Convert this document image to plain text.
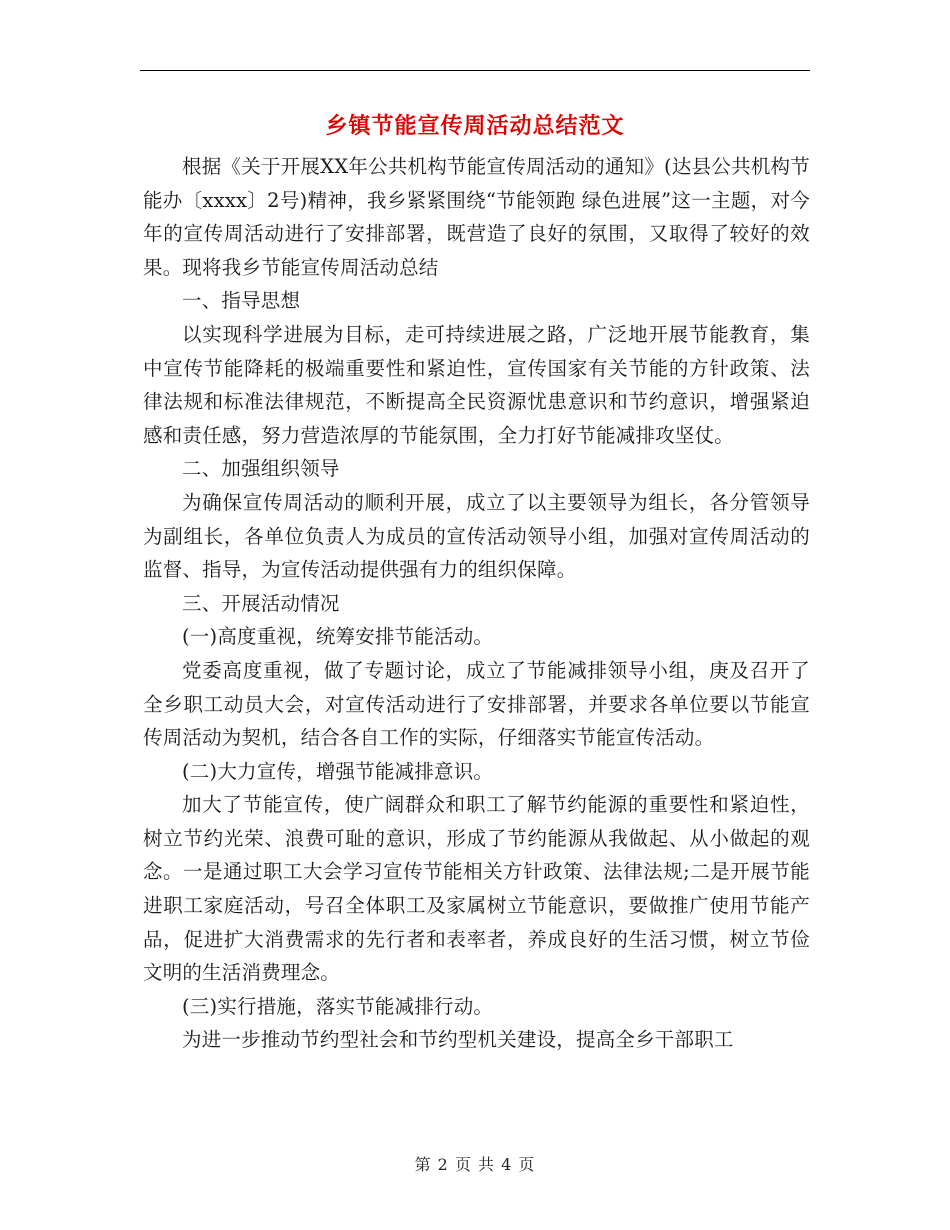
乡镇节能宣传周活动总结范文

根据《关于开展XX年公共机构节能宣传周活动的通知》(达县公共机构节能办〔xxxx〕2号)精神，我乡紧紧围绕“节能领跑 绿色进展”这一主题，对今年的宣传周活动进行了安排部署，既营造了良好的氛围，又取得了较好的效果。现将我乡节能宣传周活动总结

一、指导思想

以实现科学进展为目标，走可持续进展之路，广泛地开展节能教育，集中宣传节能降耗的极端重要性和紧迫性，宣传国家有关节能的方针政策、法律法规和标准法律规范，不断提高全民资源忧患意识和节约意识，增强紧迫感和责任感，努力营造浓厚的节能氛围，全力打好节能减排攻坚仗。

二、加强组织领导

为确保宣传周活动的顺利开展，成立了以主要领导为组长，各分管领导为副组长，各单位负责人为成员的宣传活动领导小组，加强对宣传周活动的监督、指导，为宣传活动提供强有力的组织保障。

三、开展活动情况

(一)高度重视，统筹安排节能活动。

党委高度重视，做了专题讨论，成立了节能减排领导小组，庚及召开了全乡职工动员大会，对宣传活动进行了安排部署，并要求各单位要以节能宣传周活动为契机，结合各自工作的实际，仔细落实节能宣传活动。

(二)大力宣传，增强节能减排意识。

加大了节能宣传，使广阔群众和职工了解节约能源的重要性和紧迫性，树立节约光荣、浪费可耻的意识，形成了节约能源从我做起、从小做起的观念。一是通过职工大会学习宣传节能相关方针政策、法律法规;二是开展节能进职工家庭活动，号召全体职工及家属树立节能意识，要做推广使用节能产品，促进扩大消费需求的先行者和表率者，养成良好的生活习惯，树立节俭文明的生活消费理念。

(三)实行措施，落实节能减排行动。

为进一步推动节约型社会和节约型机关建设，提高全乡干部职工

第 2 页 共 4 页
